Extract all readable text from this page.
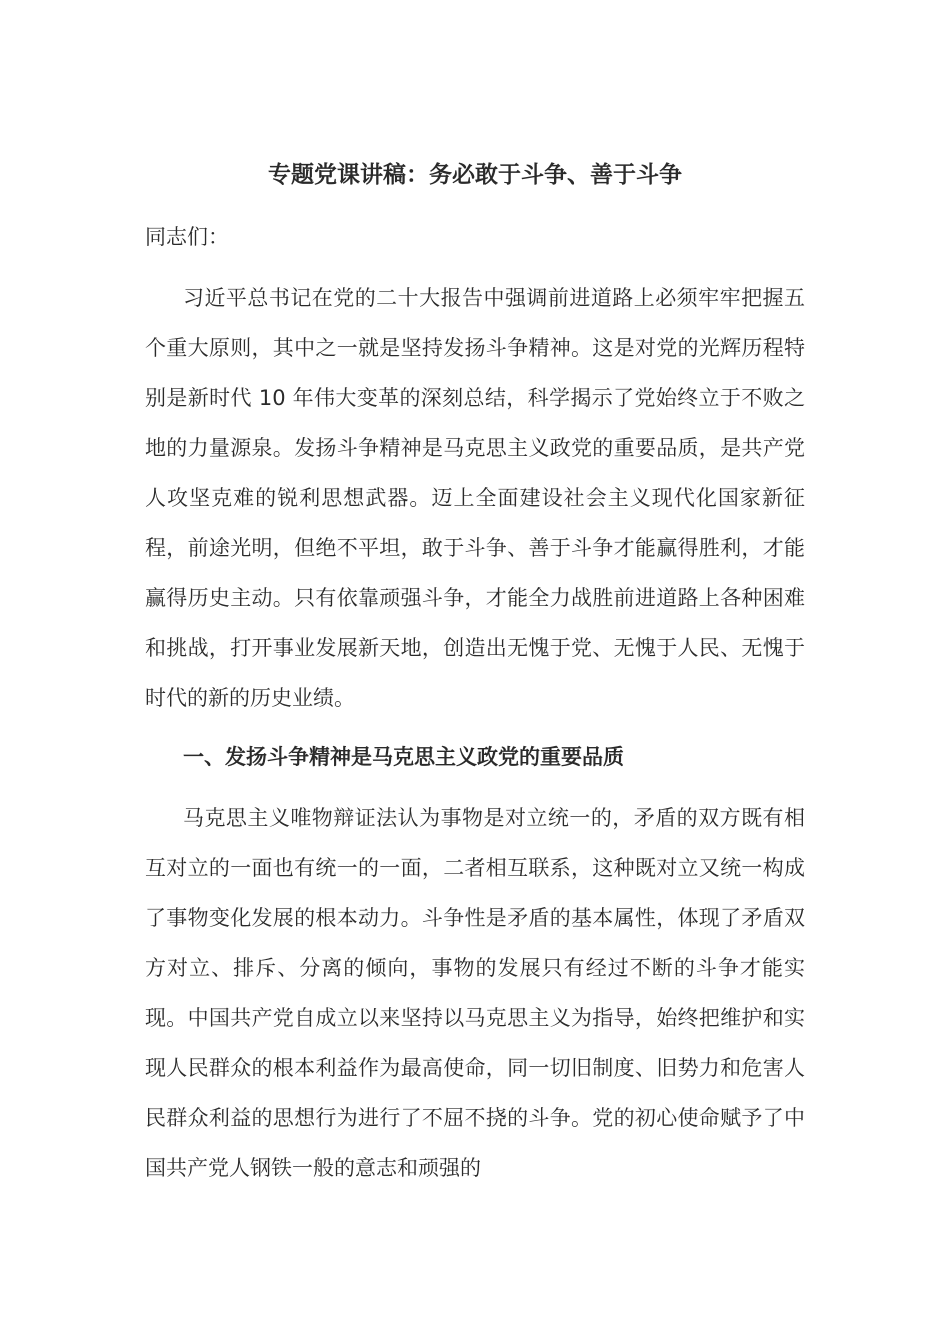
专题党课讲稿：务必敢于斗争、善于斗争
同志们：

习近平总书记在党的二十大报告中强调前进道路上必须牢牢把握五个重大原则，其中之一就是坚持发扬斗争精神。这是对党的光辉历程特别是新时代 10 年伟大变革的深刻总结，科学揭示了党始终立于不败之地的力量源泉。发扬斗争精神是马克思主义政党的重要品质，是共产党人攻坚克难的锐利思想武器。迈上全面建设社会主义现代化国家新征程，前途光明，但绝不平坦，敢于斗争、善于斗争才能赢得胜利，才能赢得历史主动。只有依靠顽强斗争，才能全力战胜前进道路上各种困难和挑战，打开事业发展新天地，创造出无愧于党、无愧于人民、无愧于时代的新的历史业绩。

一、发扬斗争精神是马克思主义政党的重要品质

马克思主义唯物辩证法认为事物是对立统一的，矛盾的双方既有相互对立的一面也有统一的一面，二者相互联系，这种既对立又统一构成了事物变化发展的根本动力。斗争性是矛盾的基本属性，体现了矛盾双方对立、排斥、分离的倾向，事物的发展只有经过不断的斗争才能实现。中国共产党自成立以来坚持以马克思主义为指导，始终把维护和实现人民群众的根本利益作为最高使命，同一切旧制度、旧势力和危害人民群众利益的思想行为进行了不屈不挠的斗争。党的初心使命赋予了中国共产党人钢铁一般的意志和顽强的
